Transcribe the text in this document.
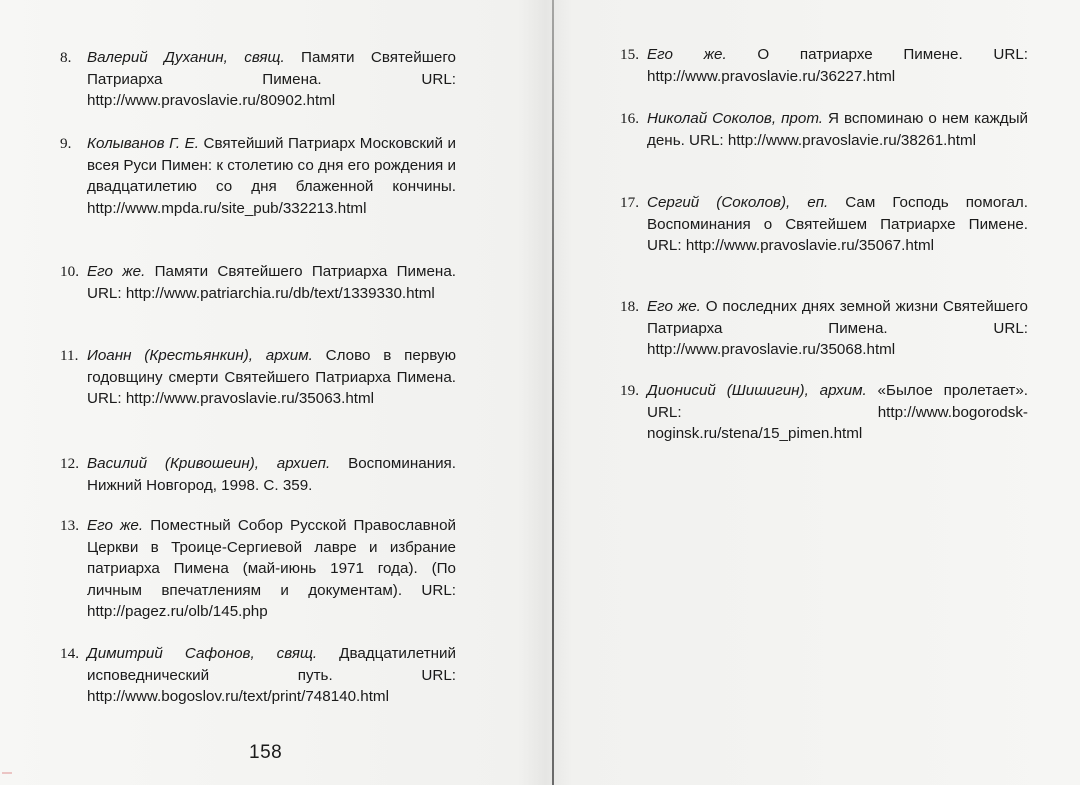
8.	Валерий Духанин, свящ. Памяти Святейшего Патриарха Пимена. URL: http://www.pravoslavie.ru/80902.html
9.	Колыванов Г. Е. Святейший Патриарх Московский и всея Руси Пимен: к столетию со дня его рождения и двадцатилетию со дня блаженной кончины. http://www.mpda.ru/site_pub/332213.html
10. Его же. Памяти Святейшего Патриарха Пимена. URL: http://www.patriarchia.ru/db/text/1339330.html
11. Иоанн (Крестьянкин), архим. Слово в первую годовщину смерти Святейшего Патриарха Пимена. URL: http://www.pravoslavie.ru/35063.html
12. Василий (Кривошеин), архиеп. Воспоминания. Нижний Новгород, 1998. С. 359.
13. Его же. Поместный Собор Русской Православной Церкви в Троице-Сергиевой лавре и избрание патриарха Пимена (май-июнь 1971 года). (По личным впечатлениям и документам). URL: http://pagez.ru/olb/145.php
14. Димитрий Сафонов, свящ. Двадцатилетний исповеднический путь. URL: http://www.bogoslov.ru/text/print/748140.html
158
15. Его же. О патриархе Пимене. URL: http://www.pravoslavie.ru/36227.html
16. Николай Соколов, прот. Я вспоминаю о нем каждый день. URL: http://www.pravoslavie.ru/38261.html
17. Сергий (Соколов), еп. Сам Господь помогал. Воспоминания о Святейшем Патриархе Пимене. URL: http://www.pravoslavie.ru/35067.html
18. Его же. О последних днях земной жизни Святейшего Патриарха Пимена. URL: http://www.pravoslavie.ru/35068.html
19. Дионисий (Шишигин), архим. «Былое пролетает». URL: http://www.bogorodsk-noginsk.ru/stena/15_pimen.html
